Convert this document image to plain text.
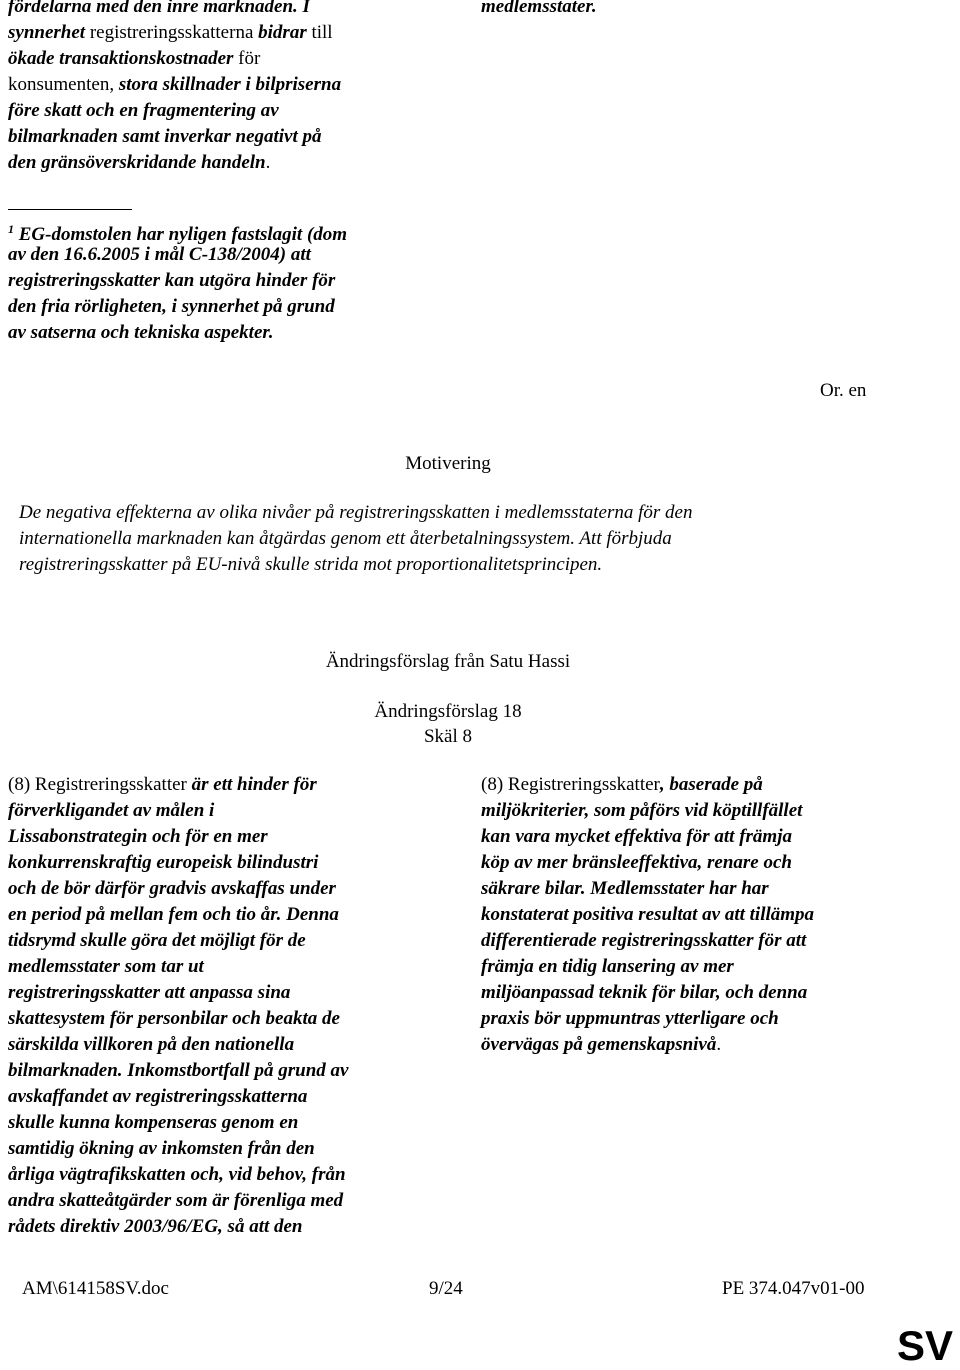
fördelarna med den inre marknaden. I
synnerhet registreringsskatterna bidrar till
ökade transaktionskostnader för
konsumenten, stora skillnader i bilpriserna
före skatt och en fragmentering av
bilmarknaden samt inverkar negativt på
den gränsöverskridande handeln.
medlemsstater.
$^1$ EG-domstolen har nyligen fastslagit (dom
av den 16.6.2005 i mål C-138/2004) att
registreringsskatter kan utgöra hinder för
den fria rörligheten, i synnerhet på grund
av satserna och tekniska aspekter.
Or. en
Motivering
De negativa effekterna av olika nivåer på registreringsskatten i medlemsstaterna för den
internationella marknaden kan åtgärdas genom ett återbetalningssystem. Att förbjuda
registreringsskatter på EU-nivå skulle strida mot proportionalitetsprincipen.
Ändringsförslag från Satu Hassi
Ändringsförslag 18
Skäl 8
(8) Registreringsskatter är ett hinder för
förverkligandet av målen i
Lissabonstrategin och för en mer
konkurrenskraftig europeisk bilindustri
och de bör därför gradvis avskaffas under
en period på mellan fem och tio år. Denna
tidsrymd skulle göra det möjligt för de
medlemsstater som tar ut
registreringsskatter att anpassa sina
skattesystem för personbilar och beakta de
särskilda villkoren på den nationella
bilmarknaden. Inkomstbortfall på grund av
avskaffandet av registreringsskatterna
skulle kunna kompenseras genom en
samtidig ökning av inkomsten från den
årliga vägtrafikskatten och, vid behov, från
andra skatteåtgärder som är förenliga med
rådets direktiv 2003/96/EG, så att den
(8) Registreringsskatter, baserade på
miljökriterier, som påförs vid köptillfället
kan vara mycket effektiva för att främja
köp av mer bränsleeffektiva, renare och
säkrare bilar. Medlemsstater har har
konstaterat positiva resultat av att tillämpa
differentierade registreringsskatter för att
främja en tidig lansering av mer
miljöanpassad teknik för bilar, och denna
praxis bör uppmuntras ytterligare och
övervägas på gemenskapsnivå.
AM\614158SV.doc	9/24	PE 374.047v01-00
SV
